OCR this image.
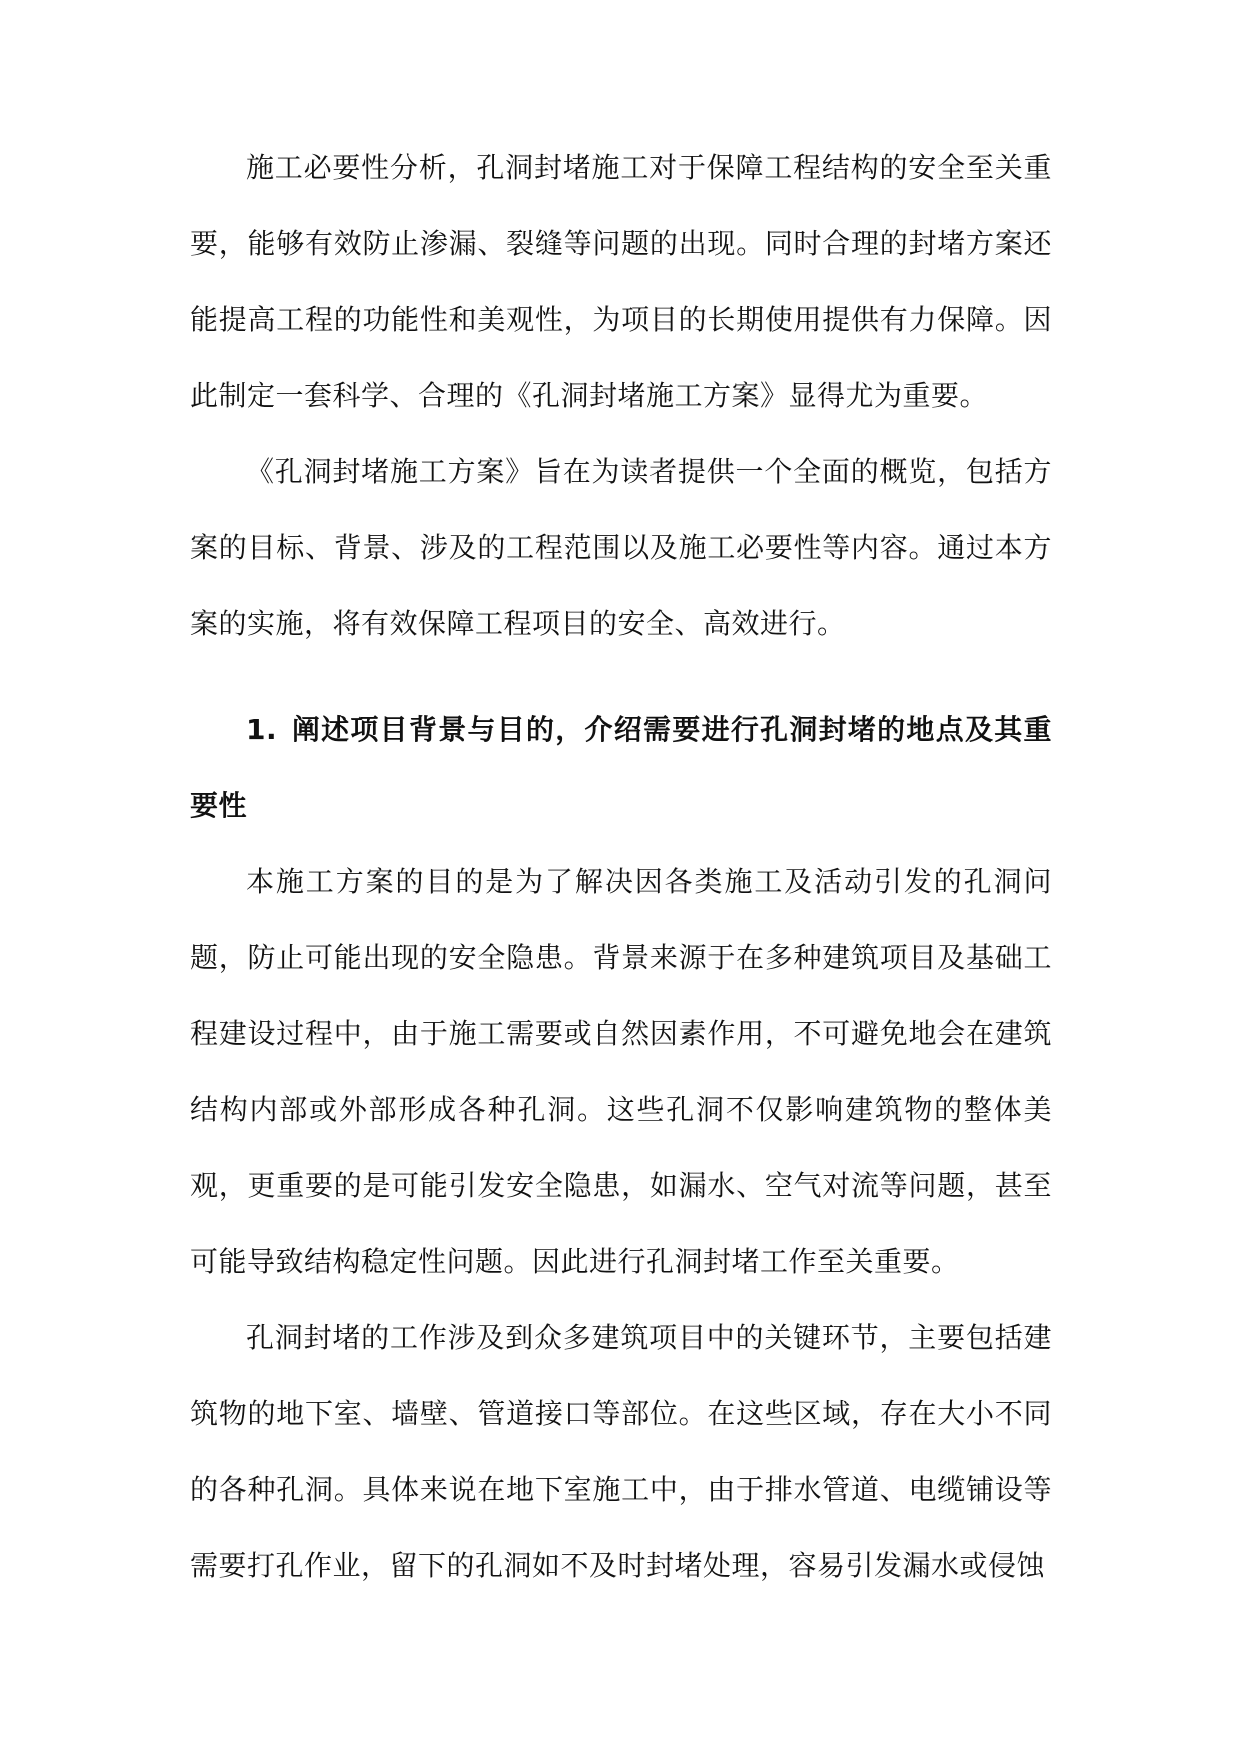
施工必要性分析，孔洞封堵施工对于保障工程结构的安全至关重要，能够有效防止渗漏、裂缝等问题的出现。同时合理的封堵方案还能提高工程的功能性和美观性，为项目的长期使用提供有力保障。因此制定一套科学、合理的《孔洞封堵施工方案》显得尤为重要。

《孔洞封堵施工方案》旨在为读者提供一个全面的概览，包括方案的目标、背景、涉及的工程范围以及施工必要性等内容。通过本方案的实施，将有效保障工程项目的安全、高效进行。

1. 阐述项目背景与目的，介绍需要进行孔洞封堵的地点及其重要性

本施工方案的目的是为了解决因各类施工及活动引发的孔洞问题，防止可能出现的安全隐患。背景来源于在多种建筑项目及基础工程建设过程中，由于施工需要或自然因素作用，不可避免地会在建筑结构内部或外部形成各种孔洞。这些孔洞不仅影响建筑物的整体美观，更重要的是可能引发安全隐患，如漏水、空气对流等问题，甚至可能导致结构稳定性问题。因此进行孔洞封堵工作至关重要。

孔洞封堵的工作涉及到众多建筑项目中的关键环节，主要包括建筑物的地下室、墙壁、管道接口等部位。在这些区域，存在大小不同的各种孔洞。具体来说在地下室施工中，由于排水管道、电缆铺设等需要打孔作业，留下的孔洞如不及时封堵处理，容易引发漏水或侵蚀
